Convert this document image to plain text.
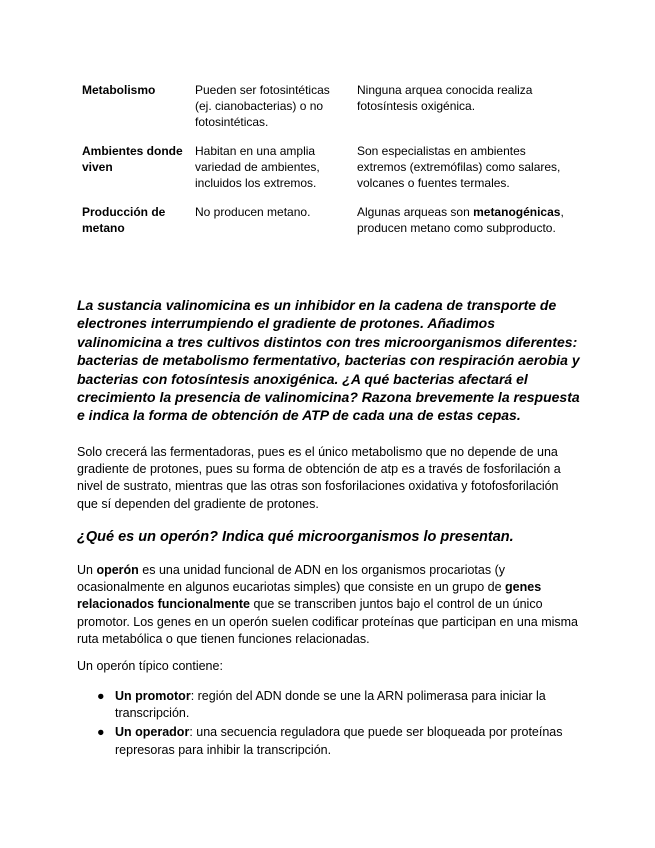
Metabolismo	Pueden ser fotosintéticas (ej. cianobacterias) o no fotosintéticas.	Ninguna arquea conocida realiza fotosíntesis oxigénica.
Ambientes donde viven	Habitan en una amplia variedad de ambientes, incluidos los extremos.	Son especialistas en ambientes extremos (extremófilas) como salares, volcanes o fuentes termales.
Producción de metano	No producen metano.	Algunas arqueas son metanogénicas, producen metano como subproducto.
La sustancia valinomicina es un inhibidor en la cadena de transporte de electrones interrumpiendo el gradiente de protones. Añadimos valinomicina a tres cultivos distintos con tres microorganismos diferentes: bacterias de metabolismo fermentativo, bacterias con respiración aerobia y bacterias con fotosíntesis anoxigénica. ¿A qué bacterias afectará el crecimiento la presencia de valinomicina? Razona brevemente la respuesta e indica la forma de obtención de ATP de cada una de estas cepas.
Solo crecerá las fermentadoras, pues es el único metabolismo que no depende de una gradiente de protones, pues su forma de obtención de atp es a través de fosforilación a nivel de sustrato, mientras que las otras son fosforilaciones oxidativa y fotofosforilación que sí dependen del gradiente de protones.
¿Qué es un operón? Indica qué microorganismos lo presentan.
Un operón es una unidad funcional de ADN en los organismos procariotas (y ocasionalmente en algunos eucariotas simples) que consiste en un grupo de genes relacionados funcionalmente que se transcriben juntos bajo el control de un único promotor. Los genes en un operón suelen codificar proteínas que participan en una misma ruta metabólica o que tienen funciones relacionadas.
Un operón típico contiene:
● Un promotor: región del ADN donde se une la ARN polimerasa para iniciar la transcripción.
● Un operador: una secuencia reguladora que puede ser bloqueada por proteínas represoras para inhibir la transcripción.
